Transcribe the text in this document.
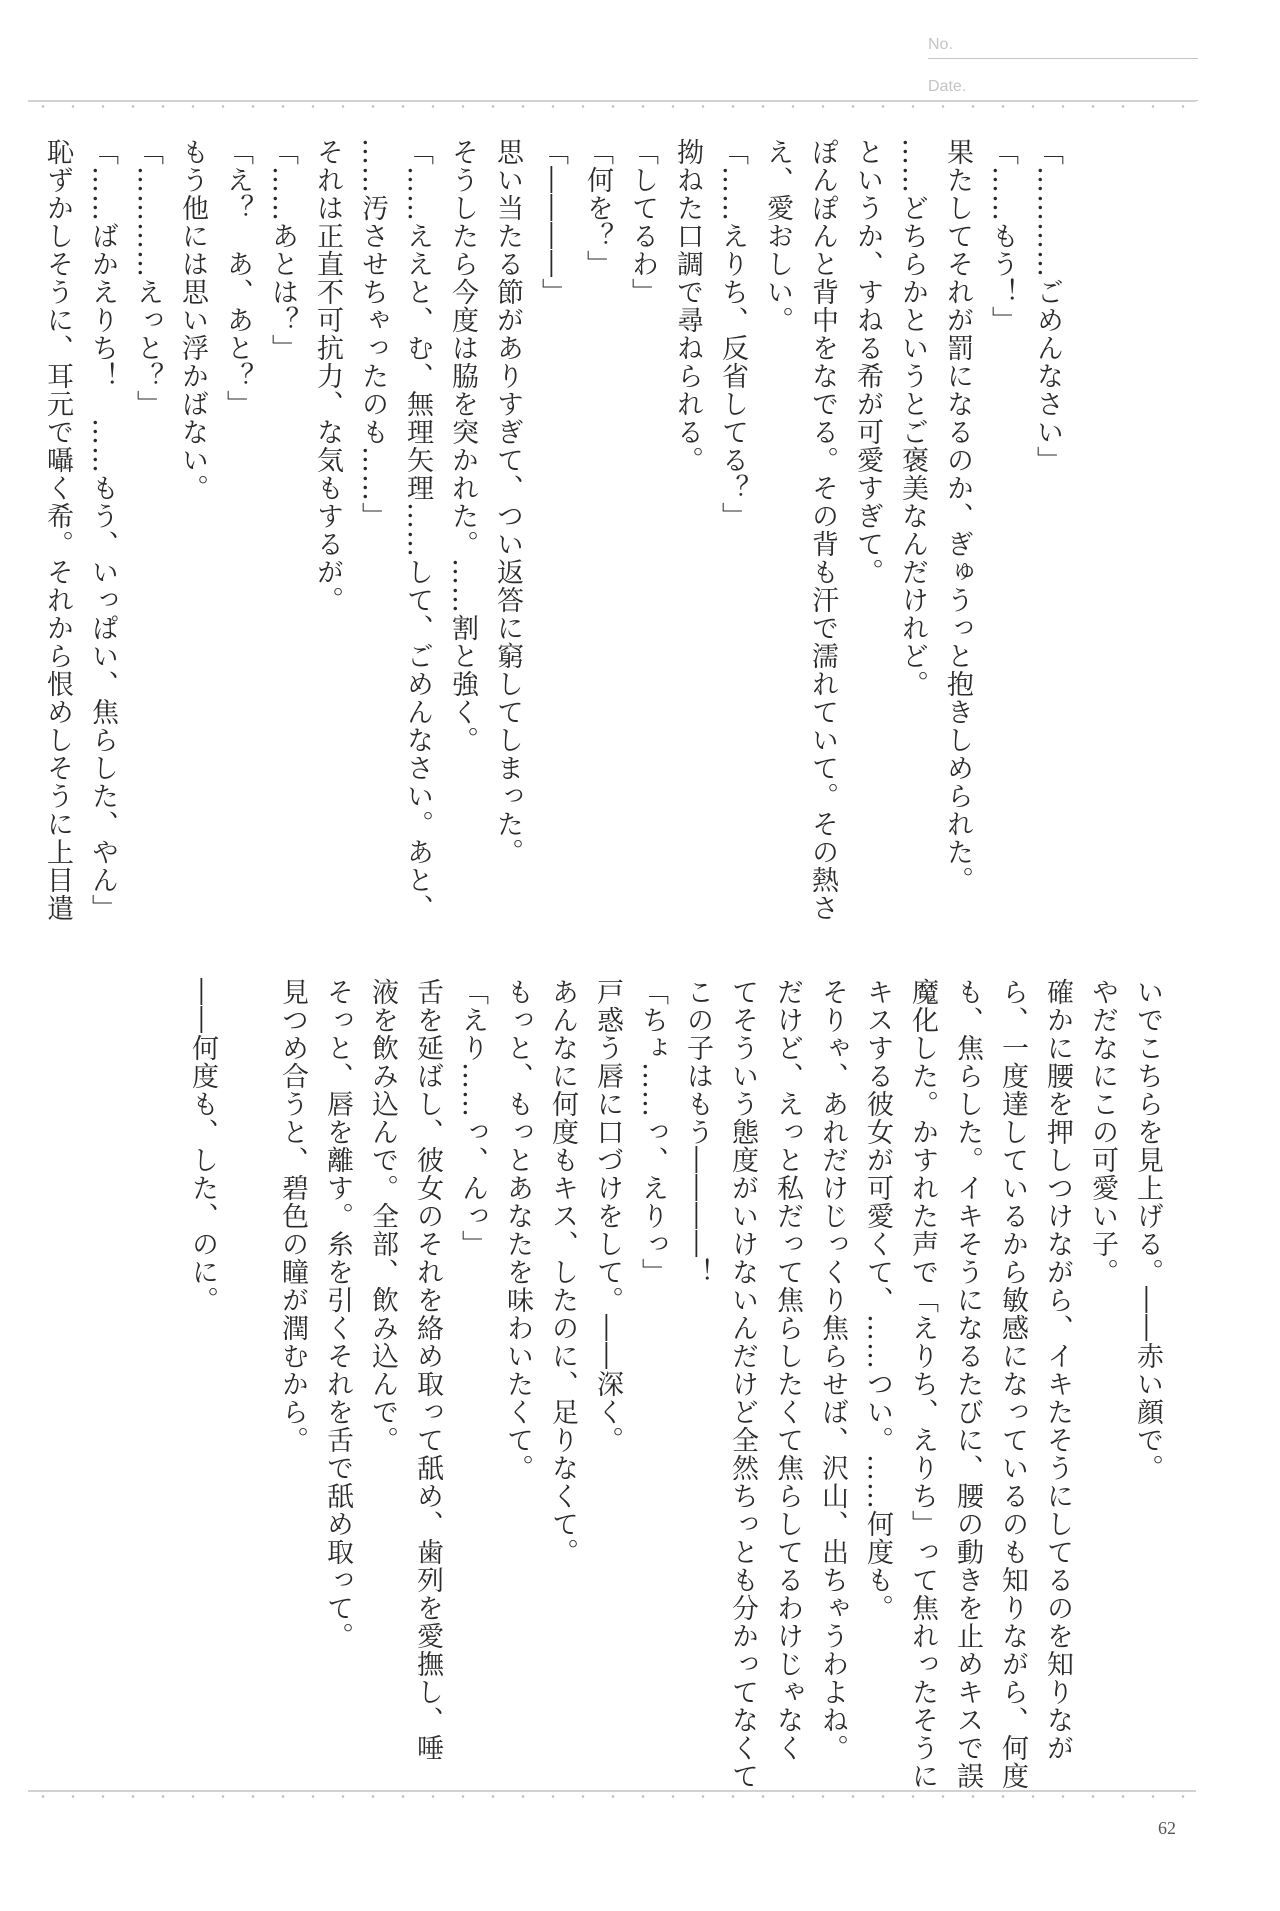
No.
Date.
「…………ごめんなさい」
「……もう！」
果たしてそれが罰になるのか、ぎゅうっと抱きしめられた。
……どちらかというとご褒美なんだけれど。
というか、すねる希が可愛すぎて。
ぽんぽんと背中をなでる。その背も汗で濡れていて。その熱さ
え、愛おしい。
「……えりち、反省してる？」
拗ねた口調で尋ねられる。
「してるわ」
「何を？」
「――――」
思い当たる節がありすぎて、つい返答に窮してしまった。
そうしたら今度は脇を突かれた。……割と強く。
「……ええと、む、無理矢理……して、ごめんなさい。あと、
……汚させちゃったのも……」
それは正直不可抗力、な気もするが。
「……あとは？」
「え？　あ、あと？」
もう他には思い浮かばない。
「…………えっと？」
「……ばかえりち！　……もう、いっぱい、焦らした、やん」
恥ずかしそうに、耳元で囁く希。それから恨めしそうに上目遣
いでこちらを見上げる。――赤い顔で。
やだなにこの可愛い子。
確かに腰を押しつけながら、イキたそうにしてるのを知りなが
ら、一度達しているから敏感になっているのも知りながら、何度
も、焦らした。イキそうになるたびに、腰の動きを止めキスで誤
魔化した。かすれた声で「えりち、えりち」って焦れったそうに
キスする彼女が可愛くて、……つい。……何度も。
そりゃ、あれだけじっくり焦らせば、沢山、出ちゃうわよね。
だけど、えっと私だって焦らしたくて焦らしてるわけじゃなく
てそういう態度がいけないんだけど全然ちっとも分かってなくて
この子はもう――――！
「ちょ……っ、えりっ」
戸惑う唇に口づけをして。――深く。
あんなに何度もキス、したのに、足りなくて。
もっと、もっとあなたを味わいたくて。
「えり……っ、んっ」
舌を延ばし、彼女のそれを絡め取って舐め、歯列を愛撫し、唾
液を飲み込んで。全部、飲み込んで。
そっと、唇を離す。糸を引くそれを舌で舐め取って。
見つめ合うと、碧色の瞳が潤むから。
――何度も、した、のに。
62
